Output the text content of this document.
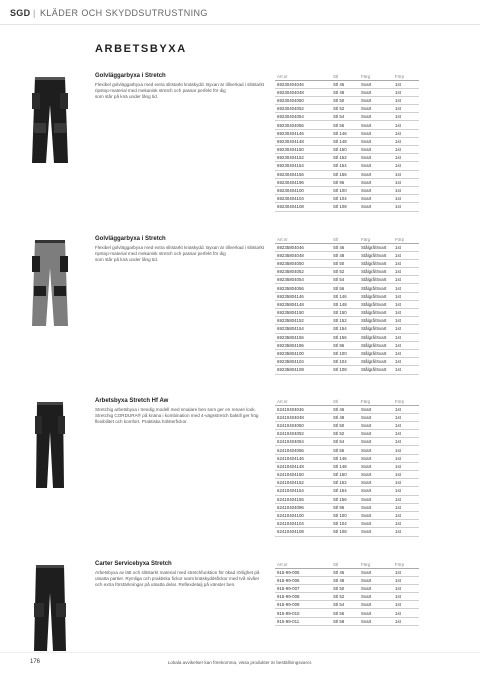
SGD | KLÄDER OCH SKYDDSUTRUSTNING
ARBETSBYXA
Golvläggarbyxa i Stretch
Flexibel golvläggarbyxa med extra slitstarkt knäskydd. Byxan är tillverkad i slitstarkt ripstop-material med mekanisk stretch och passar perfekt för dig
som står på knä under lång tid.
Art.nr	Stl	Färg	Förp
69230404046	Stl 46	Svart	1st
69230404048	Stl 48	Svart	1st
69230404050	Stl 50	Svart	1st
69230404052	Stl 52	Svart	1st
69230404054	Stl 54	Svart	1st
69230404056	Stl 56	Svart	1st
69230404146	Stl 146	Svart	1st
69230404148	Stl 148	Svart	1st
69230404150	Stl 150	Svart	1st
69230404152	Stl 152	Svart	1st
69230404154	Stl 154	Svart	1st
69230404156	Stl 156	Svart	1st
69230404196	Stl 96	Svart	1st
69230404100	Stl 100	Svart	1st
69230404104	Stl 104	Svart	1st
69230404108	Stl 108	Svart	1st
Golvläggarbyxa i Stretch
Flexibel golvläggarbyxa med extra slitstarkt knäskydd. Byxan är tillverkad i slitstarkt ripstop-material med mekanisk stretch och passar perfekt för dig
som står på knä under lång tid.
Art.nr	Stl	Färg	Förp
69235804046	Stl 46	Stålgrå/Svart	1st
69235804048	Stl 48	Stålgrå/Svart	1st
69235804050	Stl 50	Stålgrå/Svart	1st
69235804052	Stl 52	Stålgrå/Svart	1st
69235804054	Stl 54	Stålgrå/Svart	1st
69235804056	Stl 56	Stålgrå/Svart	1st
69235804146	Stl 146	Stålgrå/Svart	1st
69235804148	Stl 148	Stålgrå/Svart	1st
69235804150	Stl 150	Stålgrå/Svart	1st
69235804152	Stl 152	Stålgrå/Svart	1st
69235804154	Stl 154	Stålgrå/Svart	1st
69235804156	Stl 156	Stålgrå/Svart	1st
69235804196	Stl 96	Stålgrå/Svart	1st
69235804100	Stl 100	Stålgrå/Svart	1st
69235804104	Stl 104	Stålgrå/Svart	1st
69235804108	Stl 108	Stålgrå/Svart	1st
Arbetsbyxa Stretch Hf Aw
Stretchig arbetsbyxa i trendig modell med smalare ben som ger en renare look. Stretchig CORDURA® på knäna i kombination med 4-vägsstretch baktill ger hög flexibilitet och komfort. Praktiska hölsterfickor.
Art.nr	Stl	Färg	Förp
62410404046	Stl 46	Svart	1st
62410404048	Stl 48	Svart	1st
62410404050	Stl 50	Svart	1st
62410404052	Stl 52	Svart	1st
62410404054	Stl 54	Svart	1st
62410404056	Stl 56	Svart	1st
62410404146	Stl 146	Svart	1st
62410404148	Stl 148	Svart	1st
62410404150	Stl 150	Svart	1st
62410404152	Stl 152	Svart	1st
62410404154	Stl 154	Svart	1st
62410404156	Stl 156	Svart	1st
62410404096	Stl 96	Svart	1st
62410404100	Stl 100	Svart	1st
62410404104	Stl 104	Svart	1st
62410404108	Stl 108	Svart	1st
Carter Servicebyxa Stretch
Arbetsbyxa av lätt och slitstarkt material med stretchfunktion för ökad rörlighet på utsatta partier. Rymliga och praktiska fickor samt knäskyddsfickor med två nivåer och extra förstärkningar på utsatta delar. Reflexdetalj på vänster ben.
Art.nr	Stl	Färg	Förp
915-99-005	Stl 46	Svart	1st
915-99-006	Stl 48	Svart	1st
915-99-007	Stl 50	Svart	1st
915-99-008	Stl 52	Svart	1st
915-99-009	Stl 54	Svart	1st
915-99-010	Stl 56	Svart	1st
915-99-011	Stl 58	Svart	1st
176	Lokala avvikelser kan förekomma, vissa produkter är beställningsvaror.
